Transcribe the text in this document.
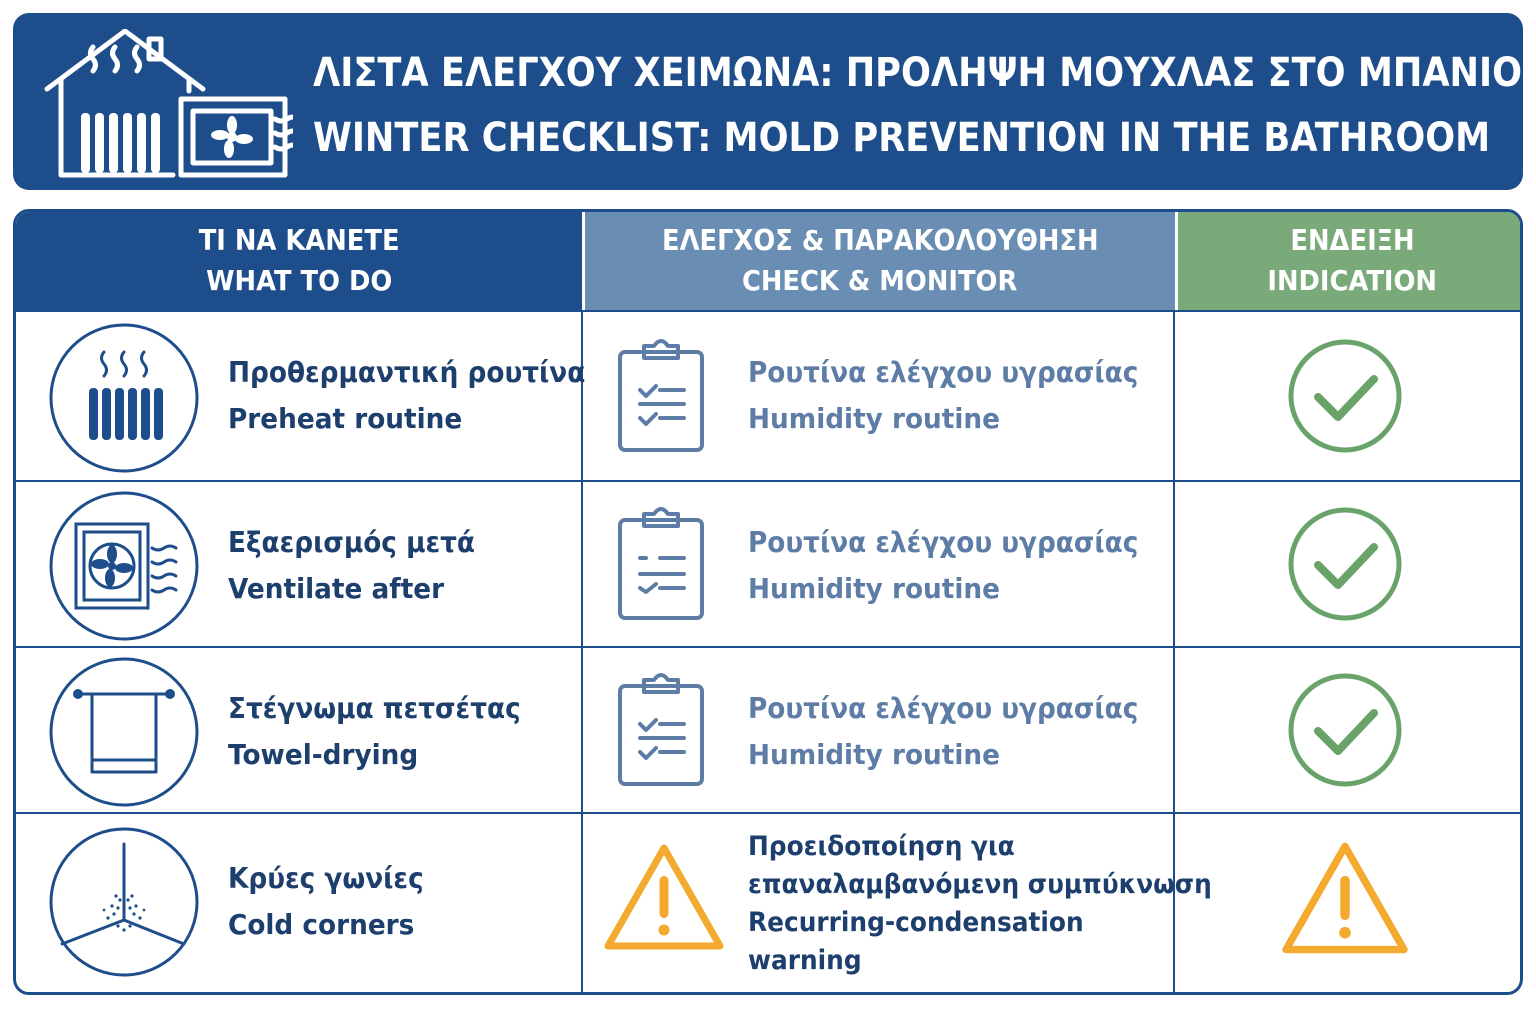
ΛΙΣΤΑ ΕΛΕΓΧΟΥ ΧΕΙΜΩΝΑ: ΠΡΟΛΗΨΗ ΜΟΥΧΛΑΣ ΣΤΟ ΜΠΑΝΙΟ
WINTER CHECKLIST: MOLD PREVENTION IN THE BATHROOM
ΤΙ ΝΑ ΚΑΝΕΤΕ
WHAT TO DO
ΕΛΕΓΧΟΣ & ΠΑΡΑΚΟΛΟΥΘΗΣΗ
CHECK & MONITOR
ΕΝΔΕΙΞΗ
INDICATION
Προθερμαντική ρουτίνα
Preheat routine
Ρουτίνα ελέγχου υγρασίας
Humidity routine
Εξαερισμός μετά
Ventilate after
Ρουτίνα ελέγχου υγρασίας
Humidity routine
Στέγνωμα πετσέτας
Towel-drying
Ρουτίνα ελέγχου υγρασίας
Humidity routine
Κρύες γωνίες
Cold corners
Προειδοποίηση για
επαναλαμβανόμενη συμπύκνωση
Recurring-condensation
warning
